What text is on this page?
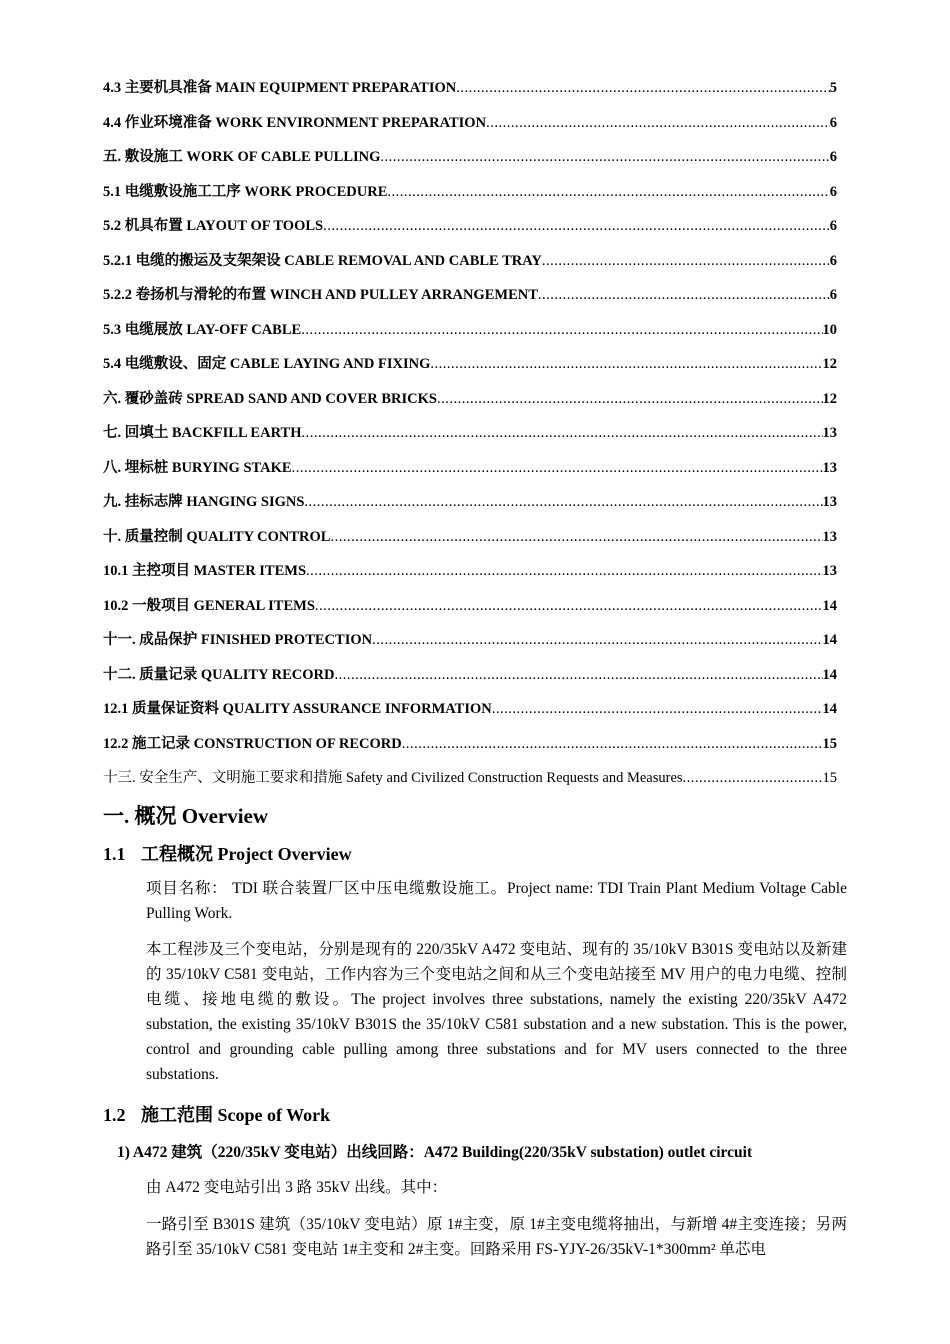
4.3 主要机具准备 MAIN EQUIPMENT PREPARATION .....	5
4.4 作业环境准备 WORK ENVIRONMENT PREPARATION .....	6
五. 敷设施工 WORK OF CABLE PULLING .....	6
5.1 电缆敷设施工工序 WORK PROCEDURE .....	6
5.2 机具布置 LAYOUT OF TOOLS .....	6
5.2.1 电缆的搬运及支架架设 CABLE REMOVAL AND CABLE TRAY .....	6
5.2.2 卷扬机与滑轮的布置 WINCH AND PULLEY ARRANGEMENT .....	6
5.3 电缆展放 LAY-OFF CABLE .....	10
5.4 电缆敷设、固定 CABLE LAYING AND FIXING .....	12
六. 覆砂盖砖 SPREAD SAND AND COVER BRICKS .....	12
七. 回填土 BACKFILL EARTH .....	13
八. 埋标桩 BURYING STAKE .....	13
九. 挂标志牌 HANGING SIGNS .....	13
十. 质量控制 QUALITY CONTROL .....	13
10.1 主控项目 MASTER ITEMS .....	13
10.2 一般项目 GENERAL ITEMS .....	14
十一. 成品保护 FINISHED PROTECTION .....	14
十二. 质量记录 QUALITY RECORD .....	14
12.1 质量保证资料 QUALITY ASSURANCE INFORMATION .....	14
12.2 施工记录 CONSTRUCTION OF RECORD .....	15
十三. 安全生产、文明施工要求和措施 Safety and Civilized Construction Requests and Measures .....	15
一. 概况 Overview
1.1 工程概况 Project Overview
项目名称： TDI 联合装置厂区中压电缆敷设施工。Project name: TDI Train Plant Medium Voltage Cable Pulling Work.
本工程涉及三个变电站，分别是现有的 220/35kV A472 变电站、现有的 35/10kV B301S 变电站以及新建的 35/10kV C581 变电站，工作内容为三个变电站之间和从三个变电站接至 MV 用户的电力电缆、控制电缆、接地电缆的敷设。The project involves three substations, namely the existing 220/35kV A472 substation, the existing 35/10kV B301S the 35/10kV C581 substation and a new substation. This is the power, control and grounding cable pulling among three substations and for MV users connected to the three substations.
1.2 施工范围 Scope of Work
1) A472 建筑（220/35kV 变电站）出线回路：A472 Building(220/35kV substation) outlet circuit
由 A472 变电站引出 3 路 35kV 出线。其中：
一路引至 B301S 建筑（35/10kV 变电站）原 1#主变，原 1#主变电缆将抽出，与新增 4#主变连接；另两路引至 35/10kV C581 变电站 1#主变和 2#主变。回路采用 FS-YJY-26/35kV-1*300mm² 单芯电
